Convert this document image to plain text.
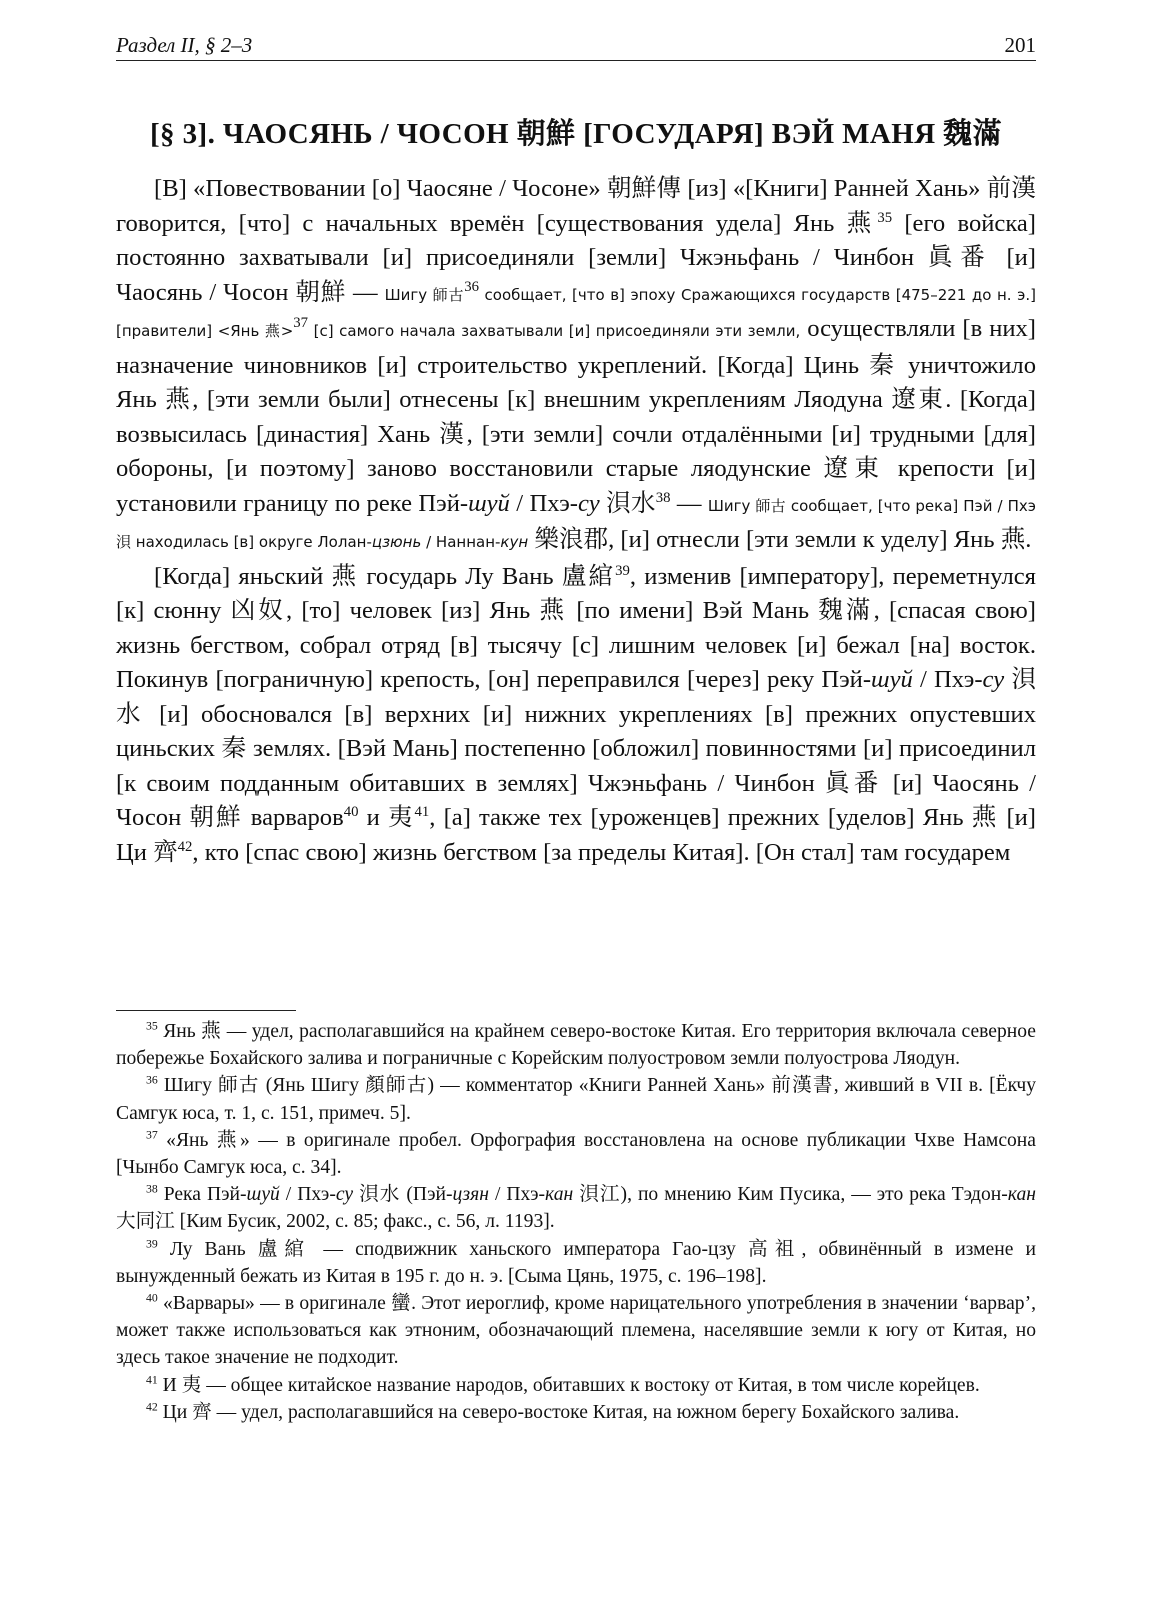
Раздел II, § 2–3	201
[§ 3]. ЧАОСЯНЬ / ЧОСОН 朝鮮 [ГОСУДАРЯ] ВЭЙ МАНЯ 魏滿

[В] «Повествовании [о] Чаосяне / Чосоне» 朝鮮傳 [из] «[Книги] Ранней Хань» 前漢 говорится, [что] с начальных времён [существования удела] Янь 燕$^{35}$ [его войска] постоянно захватывали [и] присоединяли [земли] Чжэньфань / Чинбон 眞番 [и] Чаосянь / Чосон 朝鮮 — Шигу 師古$^{36}$ сообщает, [что в] эпоху Сражающихся государств [475–221 до н. э.] [правители] <Янь 燕>$^{37}$ [с] самого начала захватывали [и] присоединяли эти земли, осуществляли [в них] назначение чиновников [и] строительство укреплений. [Когда] Цинь 秦 уничтожило Янь 燕, [эти земли были] отнесены [к] внешним укреплениям Ляодуна 遼東. [Когда] возвысилась [династия] Хань 漢, [эти земли] сочли отдалёнными [и] трудными [для] обороны, [и поэтому] заново восстановили старые ляодунские 遼東 крепости [и] установили границу по реке Пэй-шуй / Пхэ-су 浿水$^{38}$ — Шигу 師古 сообщает, [что река] Пэй / Пхэ 浿 находилась [в] округе Лолан-цзюнь / Наннан-кун 樂浪郡, [и] отнесли [эти земли к уделу] Янь 燕.

[Когда] яньский 燕 государь Лу Вань 盧綰$^{39}$, изменив [императору], переметнулся [к] сюнну 凶奴, [то] человек [из] Янь 燕 [по имени] Вэй Мань 魏滿, [спасая свою] жизнь бегством, собрал отряд [в] тысячу [с] лишним человек [и] бежал [на] восток. Покинув [пограничную] крепость, [он] переправился [через] реку Пэй-шуй / Пхэ-су 浿水 [и] обосновался [в] верхних [и] нижних укреплениях [в] прежних опустевших циньских 秦 землях. [Вэй Мань] постепенно [обложил] повинностями [и] присоединил [к своим подданным обитавших в землях] Чжэньфань / Чинбон 眞番 [и] Чаосянь / Чосон 朝鮮 варваров$^{40}$ и 夷$^{41}$, [а] также тех [уроженцев] прежних [уделов] Янь 燕 [и] Ци 齊$^{42}$, кто [спас свою] жизнь бегством [за пределы Китая]. [Он стал] там государем

$^{35}$ Янь 燕 — удел, располагавшийся на крайнем северо-востоке Китая. Его территория включала северное побережье Бохайского залива и пограничные с Корейским полуостровом земли полуострова Ляодун.

$^{36}$ Шигу 師古 (Янь Шигу 顏師古) — комментатор «Книги Ранней Хань» 前漢書, живший в VII в. [Ёкчу Самгук юса, т. 1, с. 151, примеч. 5].

$^{37}$ «Янь 燕» — в оригинале пробел. Орфография восстановлена на основе публикации Чхве Намсона [Чынбо Самгук юса, с. 34].

$^{38}$ Река Пэй-шуй / Пхэ-су 浿水 (Пэй-цзян / Пхэ-кан 浿江), по мнению Ким Пусика, — это река Тэдон-кан 大同江 [Ким Бусик, 2002, с. 85; факс., с. 56, л. 1193].

$^{39}$ Лу Вань 盧綰 — сподвижник ханьского императора Гао-цзу 高祖, обвинённый в измене и вынужденный бежать из Китая в 195 г. до н. э. [Сыма Цянь, 1975, с. 196–198].

$^{40}$ «Варвары» — в оригинале 蠻. Этот иероглиф, кроме нарицательного употребления в значении ‘варвар’, может также использоваться как этноним, обозначающий племена, населявшие земли к югу от Китая, но здесь такое значение не подходит.

$^{41}$ И 夷 — общее китайское название народов, обитавших к востоку от Китая, в том числе корейцев.

$^{42}$ Ци 齊 — удел, располагавшийся на северо-востоке Китая, на южном берегу Бохайского залива.
